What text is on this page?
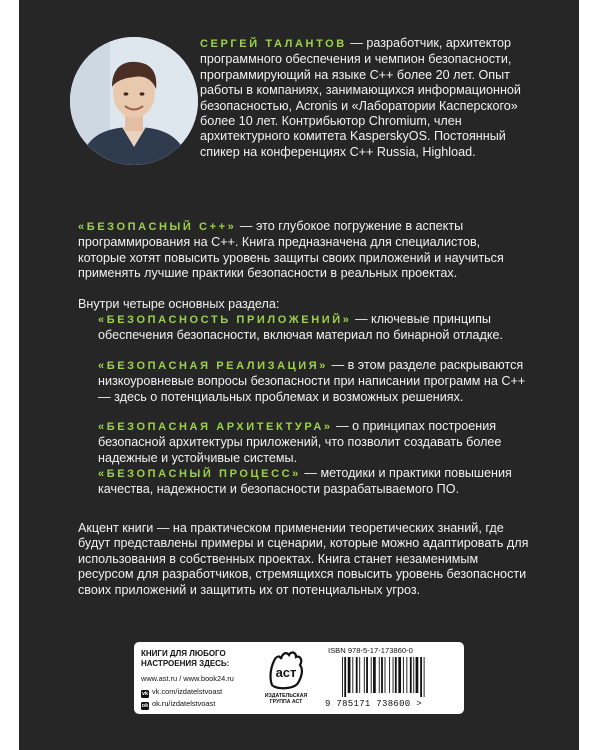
СЕРГЕЙ ТАЛАНТОВ — разработчик, архитектор программного обеспечения и чемпион безопасности, программирующий на языке C++ более 20 лет. Опыт работы в компаниях, занимающихся информационной безопасностью, Acronis и «Лаборатории Касперского» более 10 лет. Контрибьютор Chromium, член архитектурного комитета KasperskyOS. Постоянный спикер на конференциях C++ Russia, Highload.
«БЕЗОПАСНЫЙ С++» — это глубокое погружение в аспекты программирования на C++. Книга предназначена для специалистов, которые хотят повысить уровень защиты своих приложений и научиться применять лучшие практики безопасности в реальных проектах.
Внутри четыре основных раздела:
«БЕЗОПАСНОСТЬ ПРИЛОЖЕНИЙ» — ключевые принципы обеспечения безопасности, включая материал по бинарной отладке.
«БЕЗОПАСНАЯ РЕАЛИЗАЦИЯ» — в этом разделе раскрываются низкоуровневые вопросы безопасности при написании программ на C++ — здесь о потенциальных проблемах и возможных решениях.
«БЕЗОПАСНАЯ АРХИТЕКТУРА» — о принципах построения безопасной архитектуры приложений, что позволит создавать более надежные и устойчивые системы.
«БЕЗОПАСНЫЙ ПРОЦЕСС» — методики и практики повышения качества, надежности и безопасности разрабатываемого ПО.
Акцент книги — на практическом применении теоретических знаний, где будут представлены примеры и сценарии, которые можно адаптировать для использования в собственных проектах. Книга станет незаменимым ресурсом для разработчиков, стремящихся повысить уровень безопасности своих приложений и защитить их от потенциальных угроз.
КНИГИ ДЛЯ ЛЮБОГО НАСТРОЕНИЯ ЗДЕСЬ:
www.ast.ru / www.book24.ru
vk vk.com/izdatelstvoast
ok ok.ru/izdatelstvoast
аст
ИЗДАТЕЛЬСКАЯ ГРУППА АСТ
ISBN 978-5-17-173860-0
9 785171 738600 >
